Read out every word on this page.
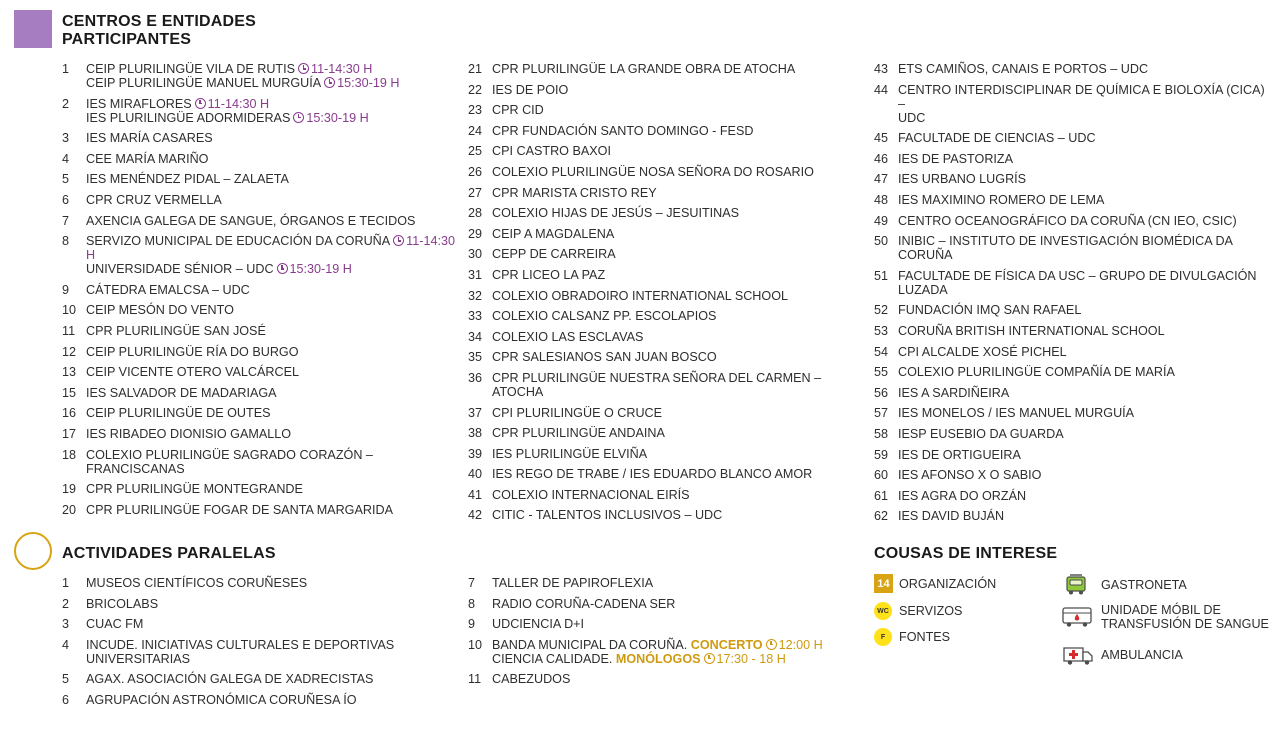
CENTROS E ENTIDADES
PARTICIPANTES
1	CEIP PLURILINGÜE VILA DE RUTIS 11-14:30 H
CEIP PLURILINGÜE MANUEL MURGUÍA 15:30-19 H
2	IES MIRAFLORES 11-14:30 H
IES PLURILINGÜE ADORMIDERAS 15:30-19 H
3	IES MARÍA CASARES
4	CEE MARÍA MARIÑO
5	IES MENÉNDEZ PIDAL – ZALAETA
6	CPR CRUZ VERMELLA
7	AXENCIA GALEGA DE SANGUE, ÓRGANOS E TECIDOS
8	SERVIZO MUNICIPAL DE EDUCACIÓN DA CORUÑA 11-14:30 H
UNIVERSIDADE SÉNIOR – UDC 15:30-19 H
9	CÁTEDRA EMALCSA – UDC
10 CEIP MESÓN DO VENTO
11 CPR PLURILINGÜE SAN JOSÉ
12 CEIP PLURILINGÜE RÍA DO BURGO
13 CEIP VICENTE OTERO VALCÁRCEL
15 IES SALVADOR DE MADARIAGA
16 CEIP PLURILINGÜE DE OUTES
17 IES RIBADEO DIONISIO GAMALLO
18 COLEXIO PLURILINGÜE SAGRADO CORAZÓN –
FRANCISCANAS
19 CPR PLURILINGÜE MONTEGRANDE
20 CPR PLURILINGÜE FOGAR DE SANTA MARGARIDA
21 CPR PLURILINGÜE LA GRANDE OBRA DE ATOCHA
22 IES DE POIO
23 CPR CID
24 CPR FUNDACIÓN SANTO DOMINGO - FESD
25 CPI CASTRO BAXOI
26 COLEXIO PLURILINGÜE NOSA SEÑORA DO ROSARIO
27 CPR MARISTA CRISTO REY
28 COLEXIO HIJAS DE JESÚS – JESUITINAS
29 CEIP A MAGDALENA
30 CEPP DE CARREIRA
31 CPR LICEO LA PAZ
32 COLEXIO OBRADOIRO INTERNATIONAL SCHOOL
33 COLEXIO CALSANZ PP. ESCOLAPIOS
34 COLEXIO LAS ESCLAVAS
35 CPR SALESIANOS SAN JUAN BOSCO
36 CPR PLURILINGÜE NUESTRA SEÑORA DEL CARMEN –
ATOCHA
37 CPI PLURILINGÜE O CRUCE
38 CPR PLURILINGÜE ANDAINA
39 IES PLURILINGÜE ELVIÑA
40 IES REGO DE TRABE / IES EDUARDO BLANCO AMOR
41 COLEXIO INTERNACIONAL EIRÍS
42 CITIC - TALENTOS INCLUSIVOS – UDC
43 ETS CAMIÑOS, CANAIS E PORTOS – UDC
44 CENTRO INTERDISCIPLINAR DE QUÍMICA E BIOLOXÍA (CICA) –
UDC
45 FACULTADE DE CIENCIAS – UDC
46 IES DE PASTORIZA
47 IES URBANO LUGRÍS
48 IES MAXIMINO ROMERO DE LEMA
49 CENTRO OCEANOGRÁFICO DA CORUÑA (CN IEO, CSIC)
50 INIBIC – INSTITUTO DE INVESTIGACIÓN BIOMÉDICA DA
CORUÑA
51 FACULTADE DE FÍSICA DA USC – GRUPO DE DIVULGACIÓN
LUZADA
52 FUNDACIÓN IMQ SAN RAFAEL
53 CORUÑA BRITISH INTERNATIONAL SCHOOL
54 CPI ALCALDE XOSÉ PICHEL
55 COLEXIO PLURILINGÜE COMPAÑÍA DE MARÍA
56 IES A SARDIÑEIRA
57 IES MONELOS / IES MANUEL MURGUÍA
58 IESP EUSEBIO DA GUARDA
59 IES DE ORTIGUEIRA
60 IES AFONSO X O SABIO
61 IES AGRA DO ORZÁN
62 IES DAVID BUJÁN
ACTIVIDADES PARALELAS
1	MUSEOS CIENTÍFICOS CORUÑESES
2	BRICOLABS
3	CUAC FM
4	INCUDE. INICIATIVAS CULTURALES E DEPORTIVAS
UNIVERSITARIAS
5	AGAX. ASOCIACIÓN GALEGA DE XADRECISTAS
6	AGRUPACIÓN ASTRONÓMICA CORUÑESA ÍO
7	TALLER DE PAPIROFLEXIA
8	RADIO CORUÑA-CADENA SER
9	UDCIENCIA D+I
10 BANDA MUNICIPAL DA CORUÑA. CONCERTO 12:00 H
CIENCIA CALIDADE. MONÓLOGOS 17:30 - 18 H
11 CABEZUDOS
COUSAS DE INTERESE
14 ORGANIZACIÓN
WC SERVIZOS
F	FONTES
GASTRONETA
UNIDADE MÓBIL DE
TRANSFUSIÓN DE SANGUE
AMBULANCIA
